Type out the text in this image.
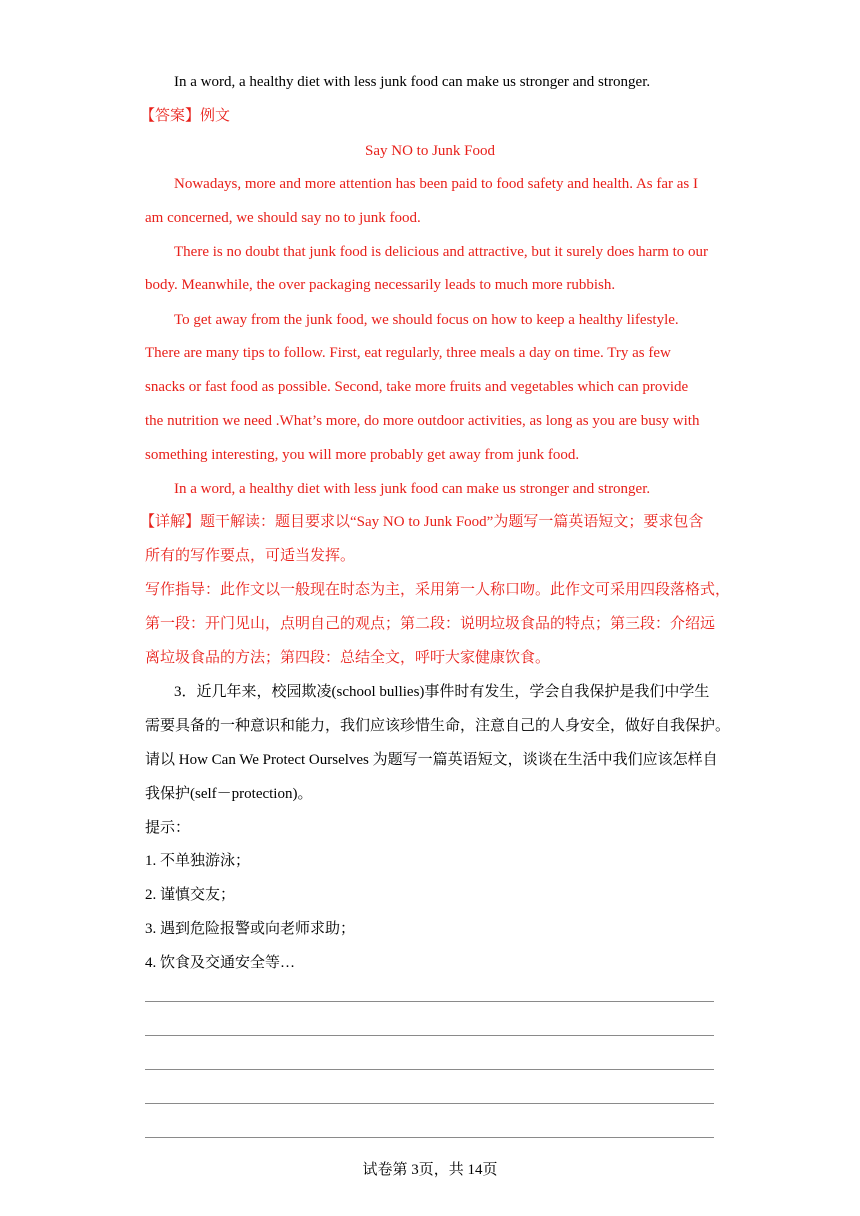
In a word, a healthy diet with less junk food can make us stronger and stronger.
【答案】例文
Say NO to Junk Food
Nowadays, more and more attention has been paid to food safety and health. As far as I
am concerned, we should say no to junk food.
There is no doubt that junk food is delicious and attractive, but it surely does harm to our
body. Meanwhile, the over packaging necessarily leads to much more rubbish.
To get away from the junk food, we should focus on how to keep a healthy lifestyle.
There are many tips to follow. First, eat regularly, three meals a day on time. Try as few
snacks or fast food as possible. Second, take more fruits and vegetables which can provide
the nutrition we need .What’s more, do more outdoor activities, as long as you are busy with
something interesting, you will more probably get away from junk food.
In a word, a healthy diet with less junk food can make us stronger and stronger.
【详解】题干解读：题目要求以“Say NO to Junk Food”为题写一篇英语短文；要求包含
所有的写作要点，可适当发挥。
写作指导：此作文以一般现在时态为主，采用第一人称口吻。此作文可采用四段落格式，
第一段：开门见山，点明自己的观点；第二段：说明垃圾食品的特点；第三段：介绍远
离垃圾食品的方法；第四段：总结全文，呼吁大家健康饮食。
3．近几年来，校园欺凌(school bullies)事件时有发生，学会自我保护是我们中学生
需要具备的一种意识和能力，我们应该珍惜生命，注意自己的人身安全，做好自我保护。
请以 How Can We Protect Ourselves 为题写一篇英语短文，谈谈在生活中我们应该怎样自
我保护(self－protection)。
提示：
1. 不单独游泳；
2. 谨慎交友；
3. 遇到危险报警或向老师求助；
4. 饮食及交通安全等…
试卷第 3页，共 14页
